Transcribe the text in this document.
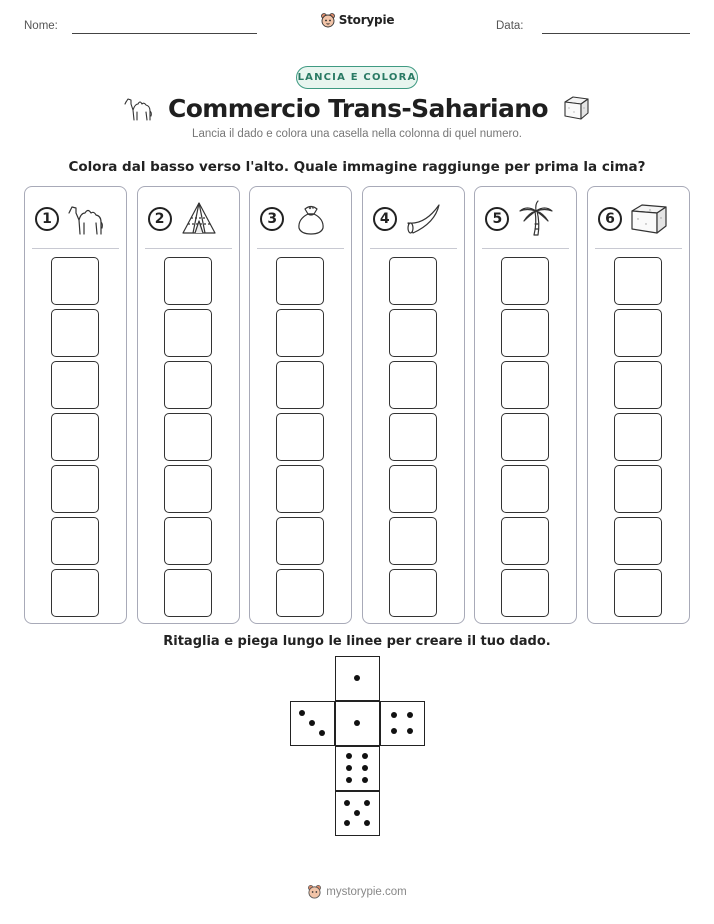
Nome:	Storypie	Data:
LANCIA E COLORA
Commercio Trans-Sahariano
Lancia il dado e colora una casella nella colonna di quel numero.
Colora dal basso verso l'alto. Quale immagine raggiunge per prima la cima?
1	2	3	4	5	6
Ritaglia e piega lungo le linee per creare il tuo dado.
mystorypie.com
